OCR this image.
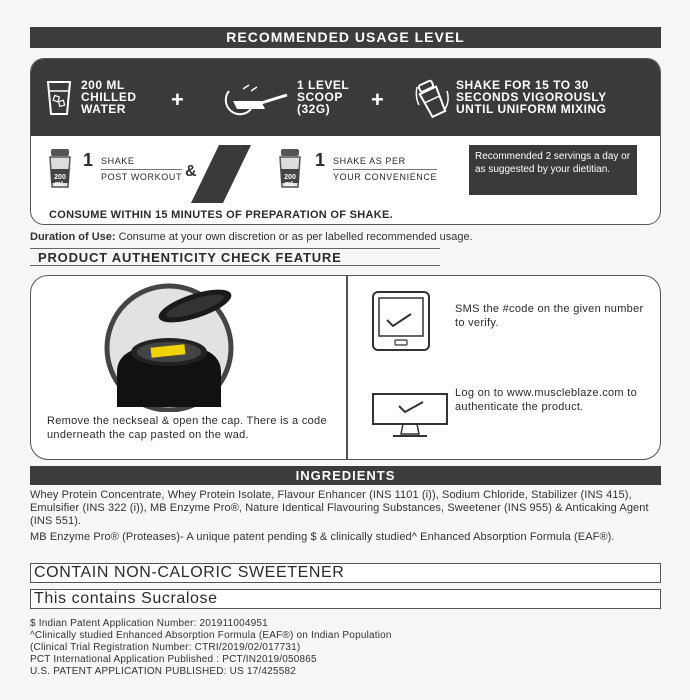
RECOMMENDED USAGE LEVEL
200 ML
CHILLED
WATER	+
1 LEVEL
SCOOP
(32G)	+
SHAKE FOR 15 TO 30
SECONDS VIGOROUSLY
UNTIL UNIFORM MIXING
200 mL
1 SHAKE
POST WORKOUT &	200 mL
1 SHAKE AS PER
YOUR CONVENIENCE
Recommended 2 servings a day or as suggested by your dietitian.
CONSUME WITHIN 15 MINUTES OF PREPARATION OF SHAKE.
Duration of Use: Consume at your own discretion or as per labelled recommended usage.
PRODUCT AUTHENTICITY CHECK FEATURE
Remove the neckseal & open the cap. There is a code underneath the cap pasted on the wad.
SMS the #code on the given number to verify.
Log on to www.muscleblaze.com to authenticate the product.
INGREDIENTS
Whey Protein Concentrate, Whey Protein Isolate, Flavour Enhancer (INS 1101 (i)), Sodium Chloride, Stabilizer (INS 415), Emulsifier (INS 322 (i)), MB Enzyme Pro®, Nature Identical Flavouring Substances, Sweetener (INS 955) & Anticaking Agent (INS 551).
MB Enzyme Pro® (Proteases)- A unique patent pending $ & clinically studied^ Enhanced Absorption Formula (EAF®).
CONTAIN NON-CALORIC SWEETENER
This contains Sucralose
$ Indian Patent Application Number: 201911004951
^Clinically studied Enhanced Absorption Formula (EAF®) on Indian Population
(Clinical Trial Registration Number: CTRI/2019/02/017731)
PCT International Application Published : PCT/IN2019/050865
U.S. PATENT APPLICATION PUBLISHED: US 17/425582
